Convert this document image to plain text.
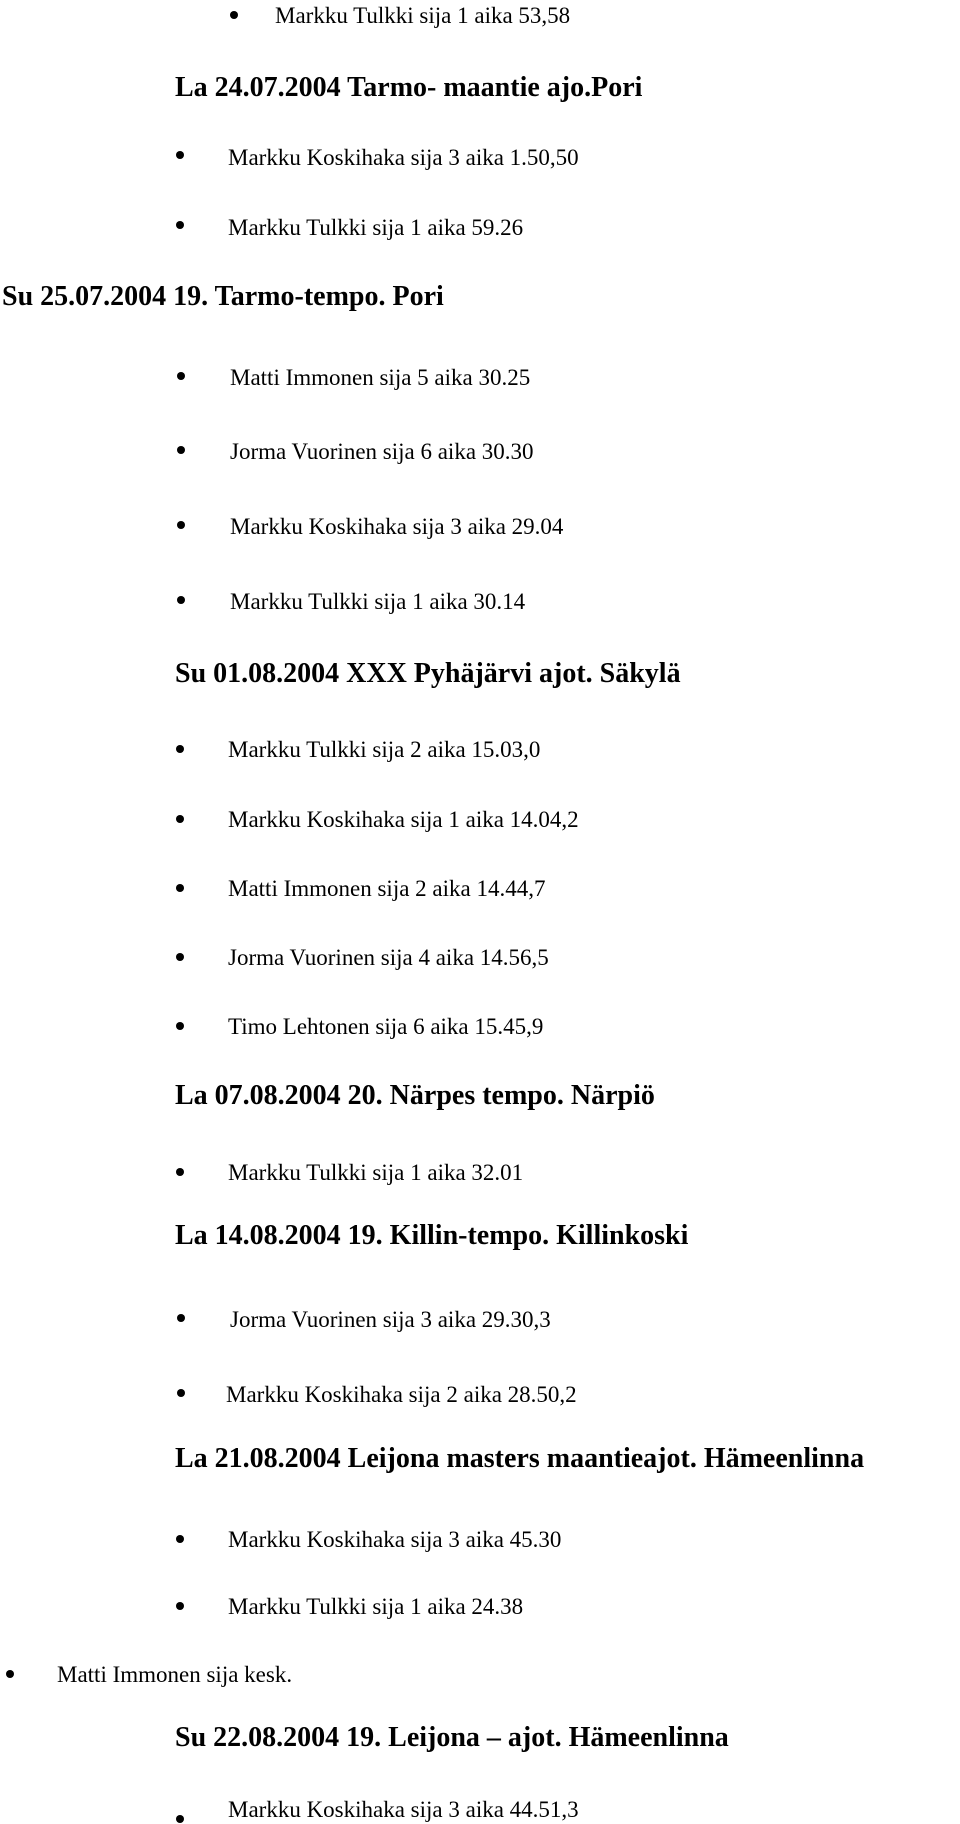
Markku Tulkki sija 1 aika 53,58
La 24.07.2004 Tarmo- maantie ajo.Pori
Markku Koskihaka sija 3 aika 1.50,50
Markku Tulkki sija 1 aika 59.26
Su 25.07.2004 19. Tarmo-tempo. Pori
Matti Immonen sija 5 aika 30.25
Jorma Vuorinen sija 6 aika 30.30
Markku Koskihaka sija 3 aika 29.04
Markku Tulkki sija 1 aika 30.14
Su 01.08.2004 XXX Pyhäjärvi ajot. Säkylä
Markku Tulkki sija 2 aika 15.03,0
Markku Koskihaka sija 1 aika 14.04,2
Matti Immonen sija 2 aika 14.44,7
Jorma Vuorinen sija 4 aika 14.56,5
Timo Lehtonen sija 6 aika 15.45,9
La 07.08.2004 20. Närpes tempo. Närpiö
Markku Tulkki sija 1 aika 32.01
La 14.08.2004 19. Killin-tempo. Killinkoski
Jorma Vuorinen sija 3 aika 29.30,3
Markku Koskihaka sija 2 aika 28.50,2
La 21.08.2004 Leijona masters maantieajot. Hämeenlinna
Markku Koskihaka sija 3 aika 45.30
Markku Tulkki sija 1 aika 24.38
Matti Immonen sija kesk.
Su 22.08.2004 19. Leijona – ajot. Hämeenlinna
Markku Koskihaka sija 3 aika 44.51,3
